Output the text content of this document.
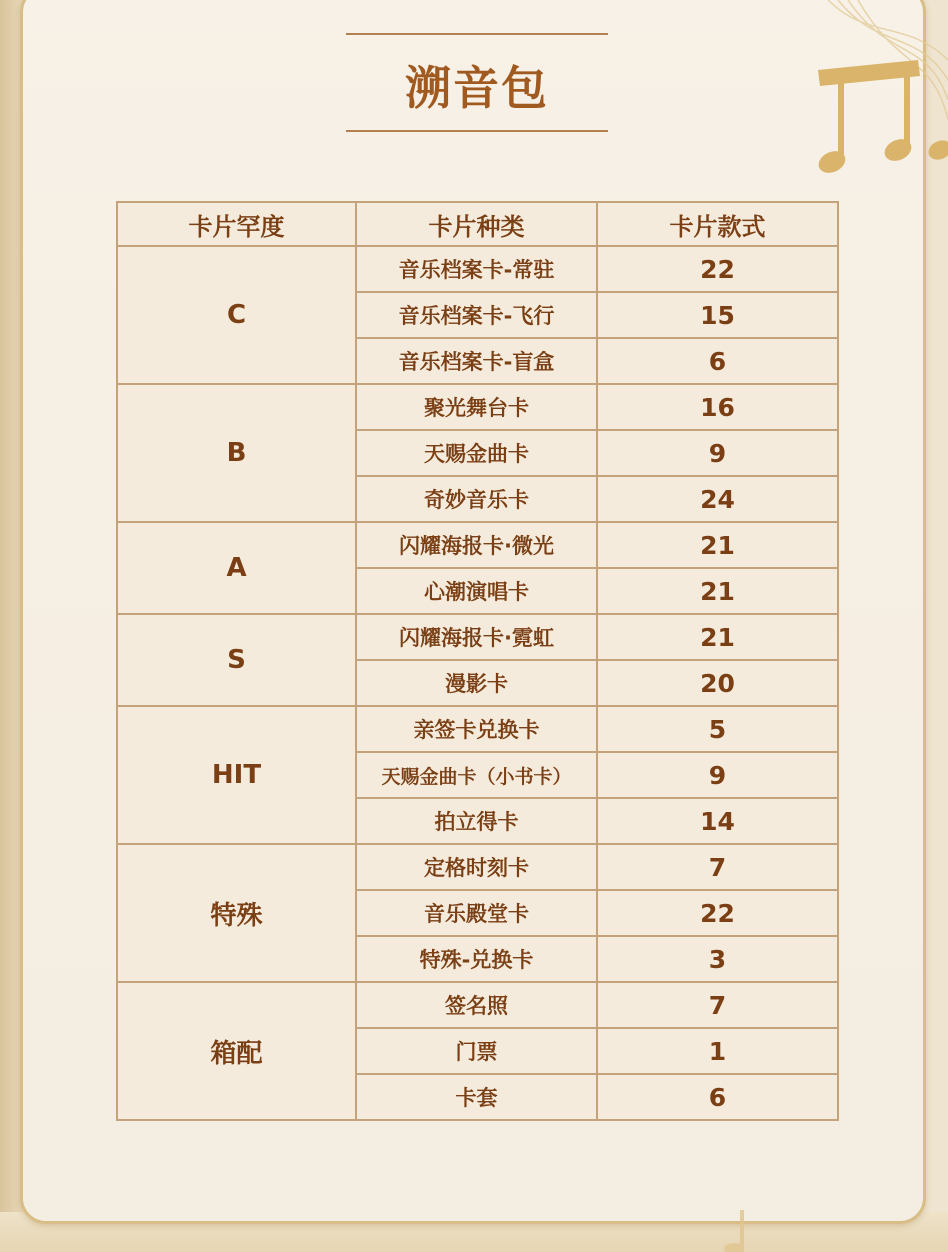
溯音包
卡片罕度	卡片种类	卡片款式
C	音乐档案卡-常驻	22
	音乐档案卡-飞行	15
	音乐档案卡-盲盒	6
B	聚光舞台卡	16
	天赐金曲卡	9
	奇妙音乐卡	24
A	闪耀海报卡·微光	21
	心潮演唱卡	21
S	闪耀海报卡·霓虹	21
	漫影卡	20
HIT	亲签卡兑换卡	5
	天赐金曲卡（小书卡）	9
	拍立得卡	14
特殊	定格时刻卡	7
	音乐殿堂卡	22
	特殊-兑换卡	3
箱配	签名照	7
	门票	1
	卡套	6
